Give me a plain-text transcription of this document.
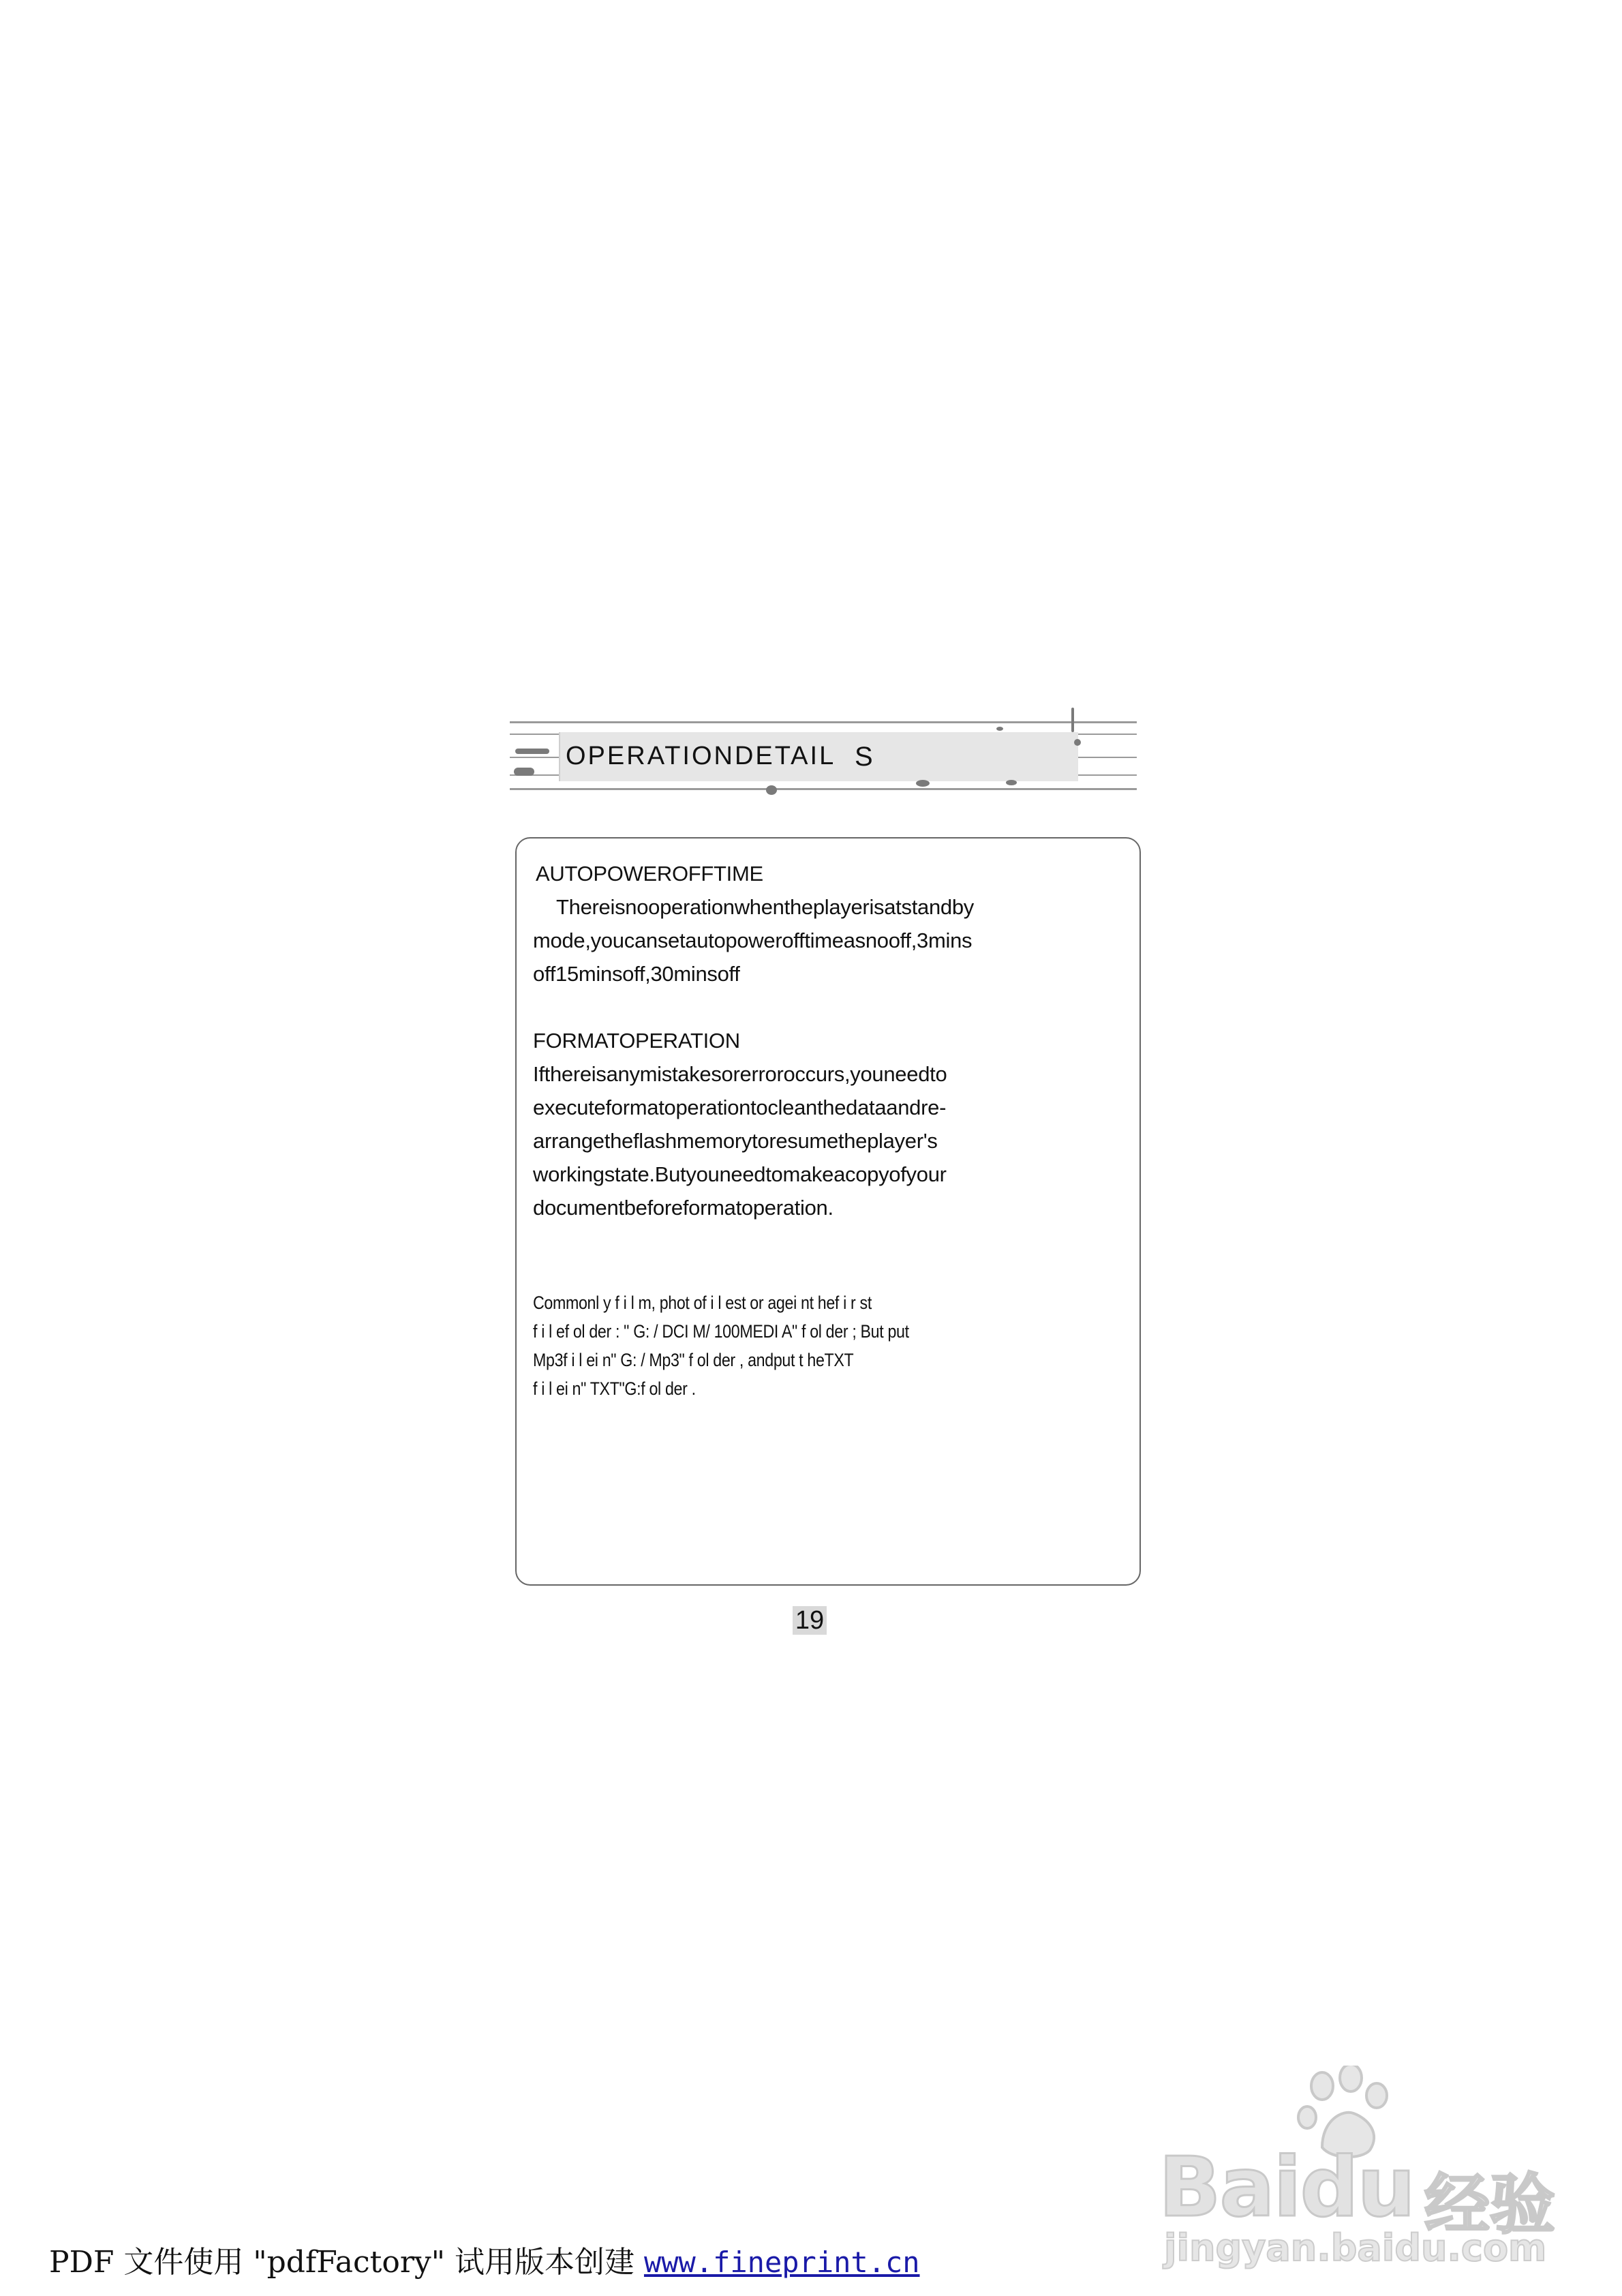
OPERATIONDETAIL S
AUTOPOWEROFFTIME
Thereisnooperationwhentheplayerisatstandby
mode,youcansetautopowerofftimeasnooff,3mins
off15minsoff,30minsoff
FORMATOPERATION
Ifthereisanymistakesorerroroccurs,youneedto
executeformatoperationtocleanthedataandre-
arrangetheflashmemorytoresumetheplayer's
workingstate.Butyouneedtomakeacopyofyour
documentbeforeformatoperation.
Commonl y f i l m, phot of i l est or agei nt hef i r st
f i l ef ol der : " G: / DCI M/ 100MEDI A" f ol der ; But put
Mp3f i l ei n" G: / Mp3" f ol der , andput t heTXT
f i l ei n" TXT"G:f ol der .
19
Baidu 经验
jingyan.baidu.com
PDF 文件使用 "pdfFactory" 试用版本创建 www.fineprint.cn
